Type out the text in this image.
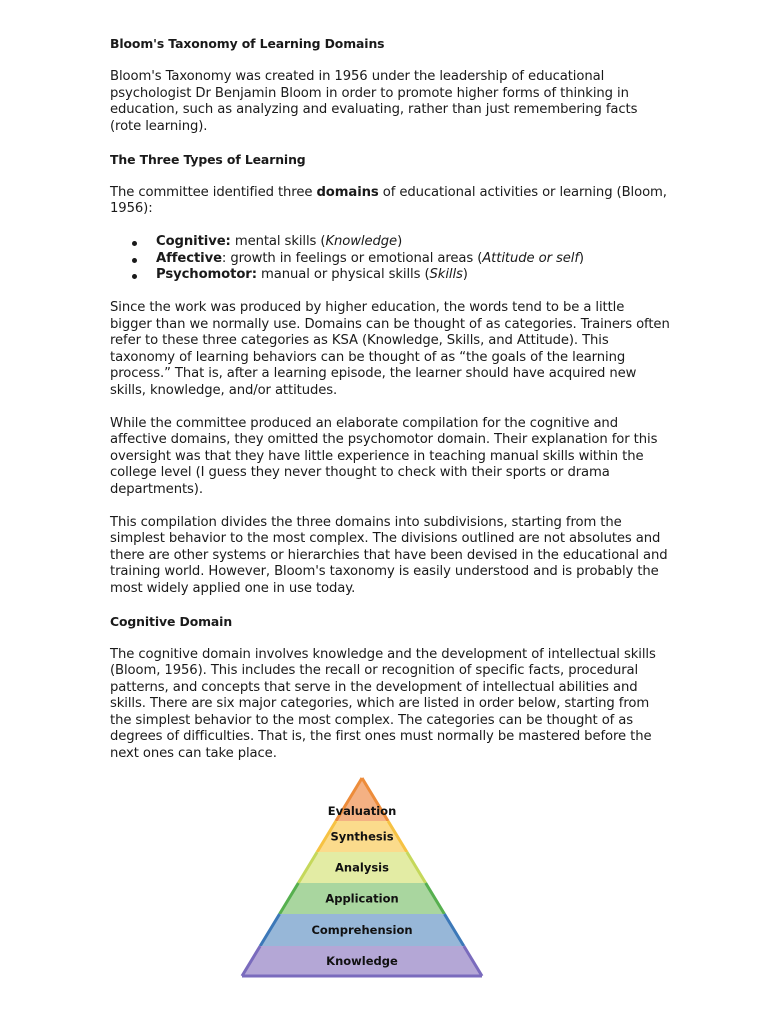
Bloom's Taxonomy of Learning Domains

Bloom's Taxonomy was created in 1956 under the leadership of educational psychologist Dr Benjamin Bloom in order to promote higher forms of thinking in education, such as analyzing and evaluating, rather than just remembering facts (rote learning).

The Three Types of Learning

The committee identified three domains of educational activities or learning (Bloom, 1956):

Cognitive: mental skills (Knowledge)
Affective: growth in feelings or emotional areas (Attitude or self)
Psychomotor: manual or physical skills (Skills)

Since the work was produced by higher education, the words tend to be a little bigger than we normally use. Domains can be thought of as categories. Trainers often refer to these three categories as KSA (Knowledge, Skills, and Attitude). This taxonomy of learning behaviors can be thought of as “the goals of the learning process.” That is, after a learning episode, the learner should have acquired new skills, knowledge, and/or attitudes.

While the committee produced an elaborate compilation for the cognitive and affective domains, they omitted the psychomotor domain. Their explanation for this oversight was that they have little experience in teaching manual skills within the college level (I guess they never thought to check with their sports or drama departments).

This compilation divides the three domains into subdivisions, starting from the simplest behavior to the most complex. The divisions outlined are not absolutes and there are other systems or hierarchies that have been devised in the educational and training world. However, Bloom's taxonomy is easily understood and is probably the most widely applied one in use today.

Cognitive Domain

The cognitive domain involves knowledge and the development of intellectual skills (Bloom, 1956). This includes the recall or recognition of specific facts, procedural patterns, and concepts that serve in the development of intellectual abilities and skills. There are six major categories, which are listed in order below, starting from the simplest behavior to the most complex. The categories can be thought of as degrees of difficulties. That is, the first ones must normally be mastered before the next ones can take place.

Evaluation
Synthesis
Analysis
Application
Comprehension
Knowledge
